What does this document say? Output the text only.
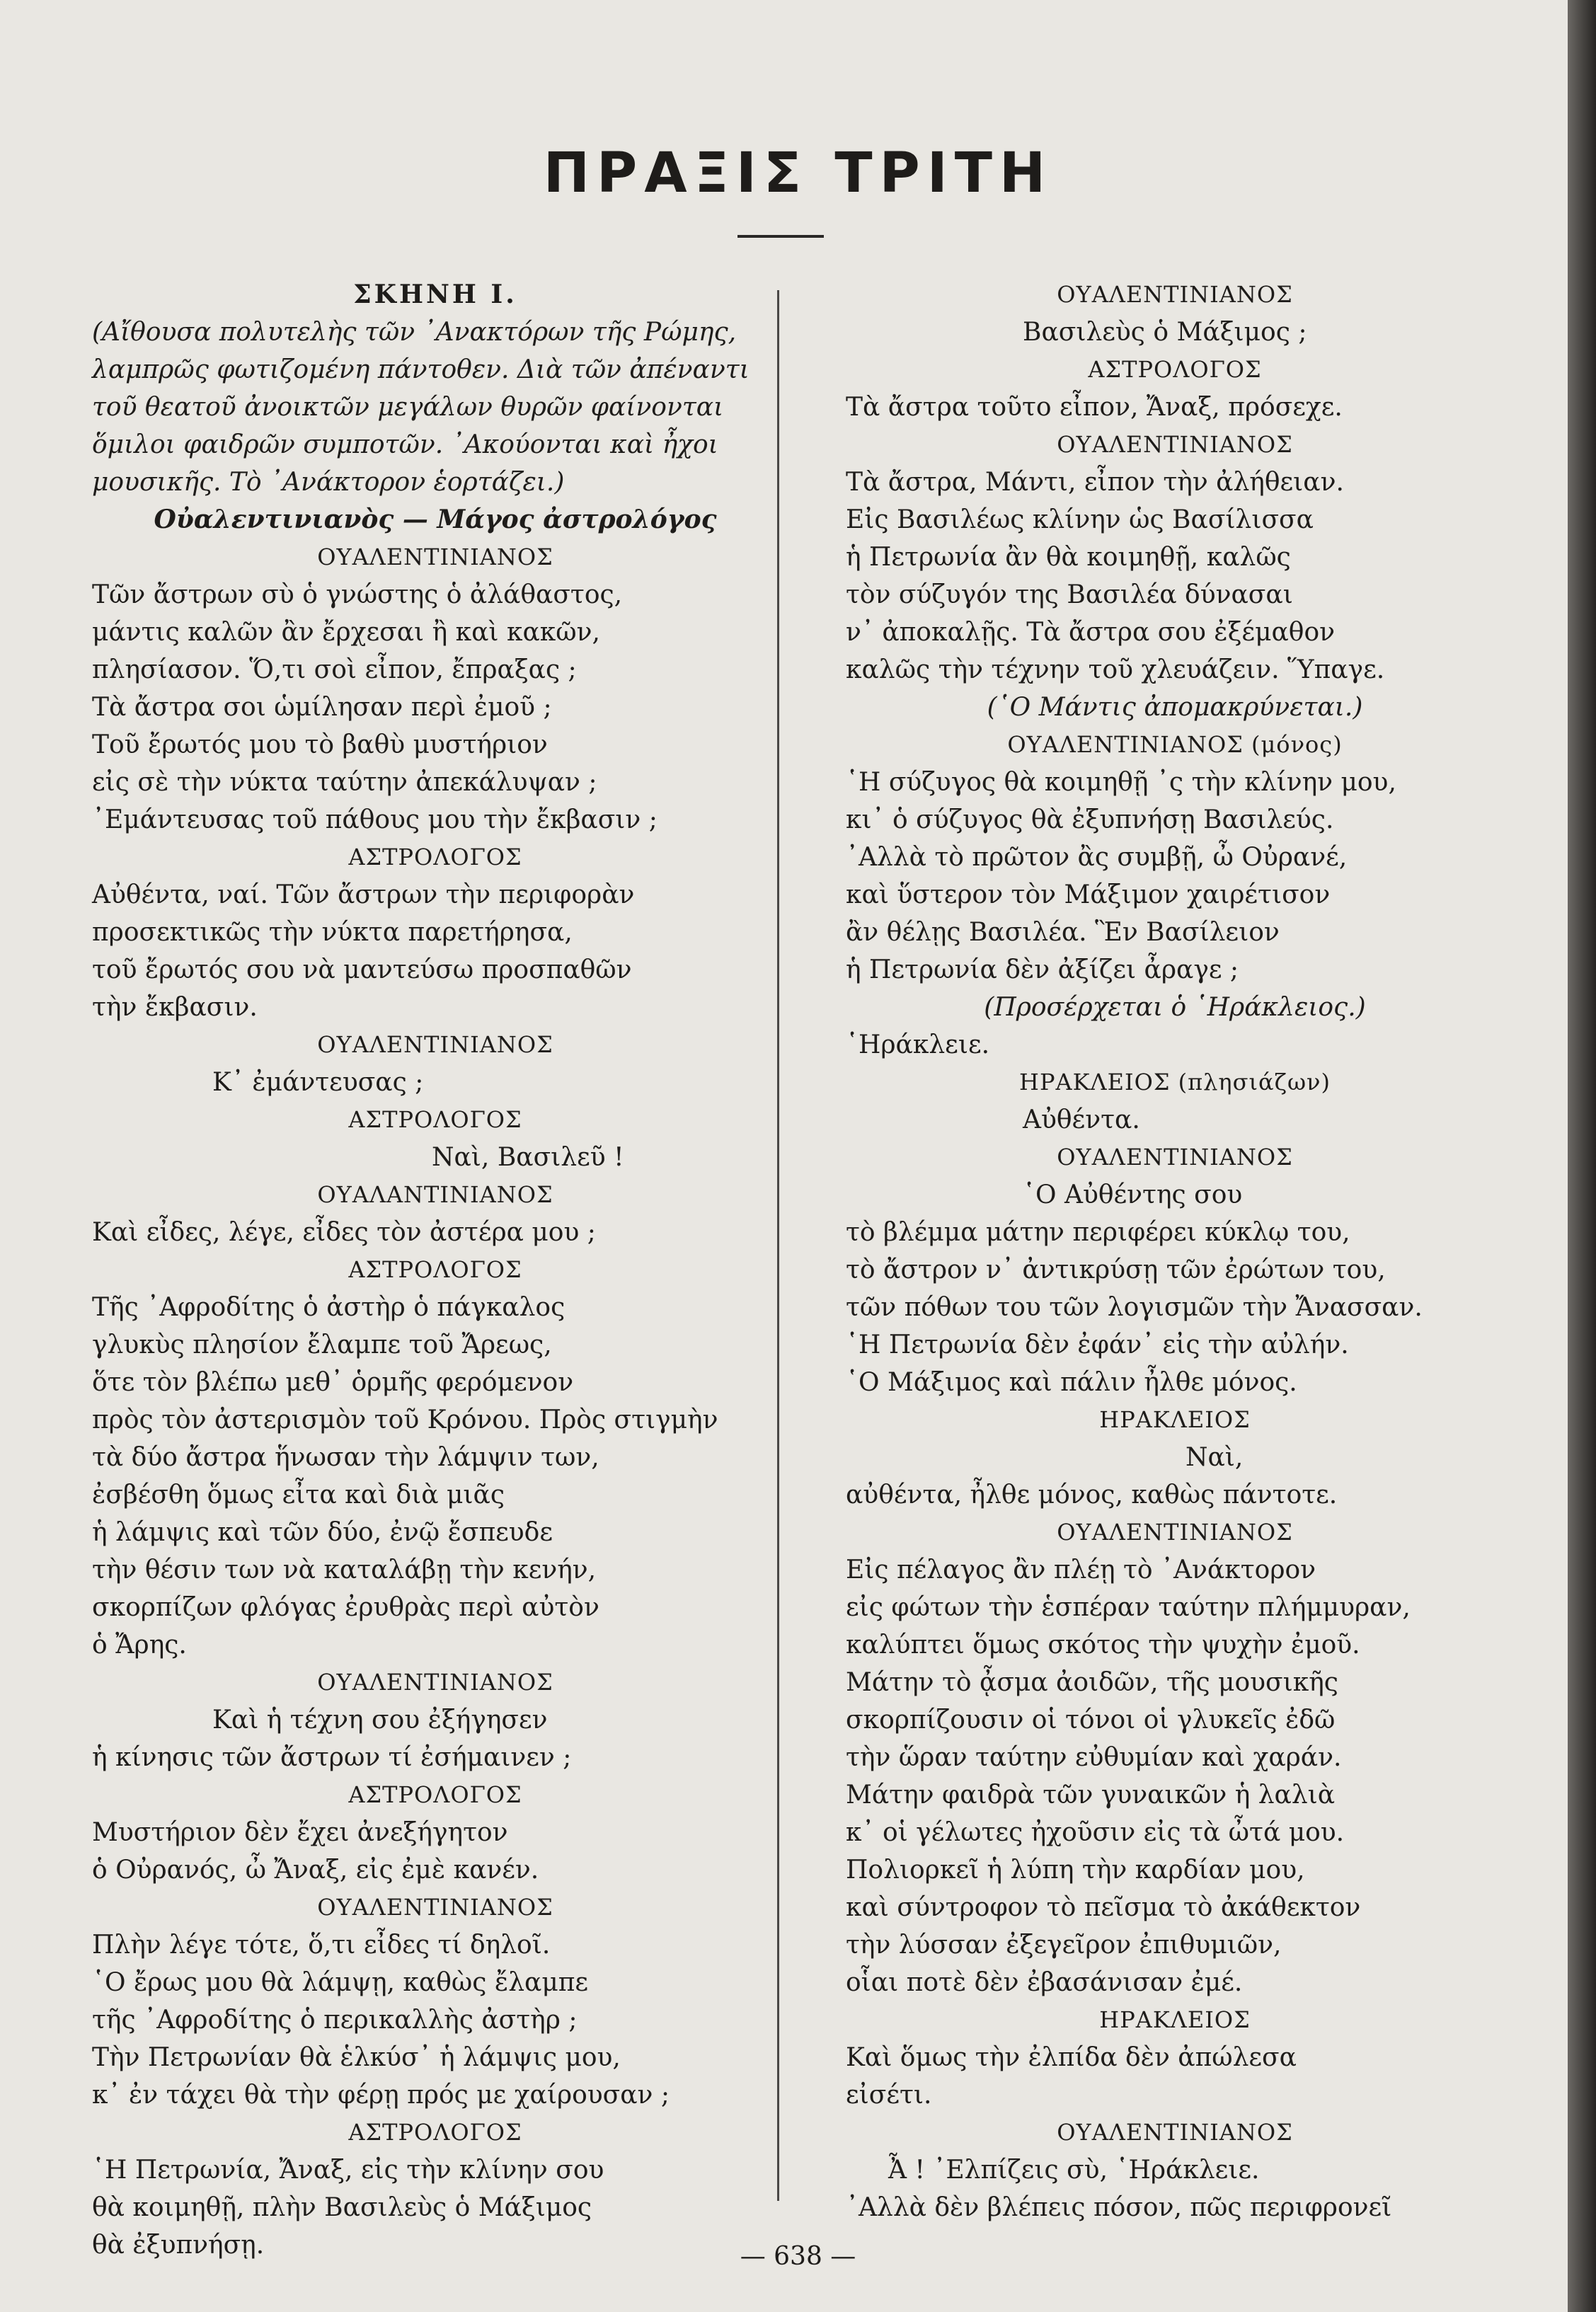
ΠΡΑΞΙΣ ΤΡΙΤΗ

ΣΚΗΝΗ Ι.

(Αἴθουσα πολυτελὴς τῶν ᾿Ανακτόρων τῆς Ρώμης,

λαμπρῶς φωτιζομένη πάντοθεν. Διὰ τῶν ἀπέναντι

τοῦ θεατοῦ ἀνοικτῶν μεγάλων θυρῶν φαίνονται

ὅμιλοι φαιδρῶν συμποτῶν. ᾿Ακούονται καὶ ἦχοι

μουσικῆς. Τὸ ᾿Ανάκτορον ἑορτάζει.)

Οὐαλεντινιανὸς — Μάγος ἀστρολόγος

ΟΥΑΛΕΝΤΙΝΙΑΝΟΣ

Τῶν ἄστρων σὺ ὁ γνώστης ὁ ἀλάθαστος,

μάντις καλῶν ἂν ἔρχεσαι ἢ καὶ κακῶν,

πλησίασον. Ὅ,τι σοὶ εἶπον, ἔπραξας ;

Τὰ ἄστρα σοι ὡμίλησαν περὶ ἐμοῦ ;

Τοῦ ἔρωτός μου τὸ βαθὺ μυστήριον

εἰς σὲ τὴν νύκτα ταύτην ἀπεκάλυψαν ;

᾿Εμάντευσας τοῦ πάθους μου τὴν ἔκβασιν ;

ΑΣΤΡΟΛΟΓΟΣ

Αὐθέντα, ναί. Τῶν ἄστρων τὴν περιφορὰν

προσεκτικῶς τὴν νύκτα παρετήρησα,

τοῦ ἔρωτός σου νὰ μαντεύσω προσπαθῶν

τὴν ἔκβασιν.

ΟΥΑΛΕΝΤΙΝΙΑΝΟΣ

Κ᾿ ἐμάντευσας ;

ΑΣΤΡΟΛΟΓΟΣ

Ναὶ, Βασιλεῦ !

ΟΥΑΛΑΝΤΙΝΙΑΝΟΣ

Καὶ εἶδες, λέγε, εἶδες τὸν ἀστέρα μου ;

ΑΣΤΡΟΛΟΓΟΣ

Τῆς ᾿Αφροδίτης ὁ ἀστὴρ ὁ πάγκαλος

γλυκὺς πλησίον ἔλαμπε τοῦ Ἄρεως,

ὅτε τὸν βλέπω μεθ᾿ ὁρμῆς φερόμενον

πρὸς τὸν ἀστερισμὸν τοῦ Κρόνου. Πρὸς στιγμὴν

τὰ δύο ἄστρα ἥνωσαν τὴν λάμψιν των,

ἐσβέσθη ὅμως εἶτα καὶ διὰ μιᾶς

ἡ λάμψις καὶ τῶν δύο, ἐνῷ ἔσπευδε

τὴν θέσιν των νὰ καταλάβῃ τὴν κενήν,

σκορπίζων φλόγας ἐρυθρὰς περὶ αὐτὸν

ὁ Ἄρης.

ΟΥΑΛΕΝΤΙΝΙΑΝΟΣ

Καὶ ἡ τέχνη σου ἐξήγησεν

ἡ κίνησις τῶν ἄστρων τί ἐσήμαινεν ;

ΑΣΤΡΟΛΟΓΟΣ

Μυστήριον δὲν ἔχει ἀνεξήγητον

ὁ Οὐρανός, ὦ Ἄναξ, εἰς ἐμὲ κανέν.

ΟΥΑΛΕΝΤΙΝΙΑΝΟΣ

Πλὴν λέγε τότε, ὅ,τι εἶδες τί δηλοῖ.

῾Ο ἔρως μου θὰ λάμψῃ, καθὼς ἔλαμπε

τῆς ᾿Αφροδίτης ὁ περικαλλὴς ἀστὴρ ;

Τὴν Πετρωνίαν θὰ ἑλκύσ᾿ ἡ λάμψις μου,

κ᾿ ἐν τάχει θὰ τὴν φέρῃ πρός με χαίρουσαν ;

ΑΣΤΡΟΛΟΓΟΣ

῾Η Πετρωνία, Ἄναξ, εἰς τὴν κλίνην σου

θὰ κοιμηθῇ, πλὴν Βασιλεὺς ὁ Μάξιμος

θὰ ἐξυπνήσῃ.

ΟΥΑΛΕΝΤΙΝΙΑΝΟΣ

Βασιλεὺς ὁ Μάξιμος ;

ΑΣΤΡΟΛΟΓΟΣ

Τὰ ἄστρα τοῦτο εἶπον, Ἄναξ, πρόσεχε.

ΟΥΑΛΕΝΤΙΝΙΑΝΟΣ

Τὰ ἄστρα, Μάντι, εἶπον τὴν ἀλήθειαν.

Εἰς Βασιλέως κλίνην ὡς Βασίλισσα

ἡ Πετρωνία ἂν θὰ κοιμηθῇ, καλῶς

τὸν σύζυγόν της Βασιλέα δύνασαι

ν᾿ ἀποκαλῇς. Τὰ ἄστρα σου ἐξέμαθον

καλῶς τὴν τέχνην τοῦ χλευάζειν. Ὕπαγε.

(῾Ο Μάντις ἀπομακρύνεται.)

ΟΥΑΛΕΝΤΙΝΙΑΝΟΣ (μόνος)

῾Η σύζυγος θὰ κοιμηθῇ ᾿ς τὴν κλίνην μου,

κι᾿ ὁ σύζυγος θὰ ἐξυπνήσῃ Βασιλεύς.

᾿Αλλὰ τὸ πρῶτον ἂς συμβῇ, ὦ Οὐρανέ,

καὶ ὕστερον τὸν Μάξιμον χαιρέτισον

ἂν θέλῃς Βασιλέα. Ἓν Βασίλειον

ἡ Πετρωνία δὲν ἀξίζει ἆραγε ;

(Προσέρχεται ὁ ῾Ηράκλειος.)

῾Ηράκλειε.

ΗΡΑΚΛΕΙΟΣ (πλησιάζων)

Αὐθέντα.

ΟΥΑΛΕΝΤΙΝΙΑΝΟΣ

῾Ο Αὐθέντης σου

τὸ βλέμμα μάτην περιφέρει κύκλῳ του,

τὸ ἄστρον ν᾿ ἀντικρύσῃ τῶν ἐρώτων του,

τῶν πόθων του τῶν λογισμῶν τὴν Ἄνασσαν.

῾Η Πετρωνία δὲν ἐφάν᾿ εἰς τὴν αὐλήν.

῾Ο Μάξιμος καὶ πάλιν ἦλθε μόνος.

ΗΡΑΚΛΕΙΟΣ

Ναὶ,

αὐθέντα, ἦλθε μόνος, καθὼς πάντοτε.

ΟΥΑΛΕΝΤΙΝΙΑΝΟΣ

Εἰς πέλαγος ἂν πλέῃ τὸ ᾿Ανάκτορον

εἰς φώτων τὴν ἑσπέραν ταύτην πλήμμυραν,

καλύπτει ὅμως σκότος τὴν ψυχὴν ἐμοῦ.

Μάτην τὸ ᾆσμα ἀοιδῶν, τῆς μουσικῆς

σκορπίζουσιν οἱ τόνοι οἱ γλυκεῖς ἐδῶ

τὴν ὥραν ταύτην εὐθυμίαν καὶ χαράν.

Μάτην φαιδρὰ τῶν γυναικῶν ἡ λαλιὰ

κ᾿ οἱ γέλωτες ἠχοῦσιν εἰς τὰ ὦτά μου.

Πολιορκεῖ ἡ λύπη τὴν καρδίαν μου,

καὶ σύντροφον τὸ πεῖσμα τὸ ἀκάθεκτον

τὴν λύσσαν ἐξεγεῖρον ἐπιθυμιῶν,

οἷαι ποτὲ δὲν ἐβασάνισαν ἐμέ.

ΗΡΑΚΛΕΙΟΣ

Καὶ ὅμως τὴν ἐλπίδα δὲν ἀπώλεσα

εἰσέτι.

ΟΥΑΛΕΝΤΙΝΙΑΝΟΣ

Ἆ ! ᾿Ελπίζεις σὺ, ῾Ηράκλειε.

᾿Αλλὰ δὲν βλέπεις πόσον, πῶς περιφρονεῖ

— 638 —
